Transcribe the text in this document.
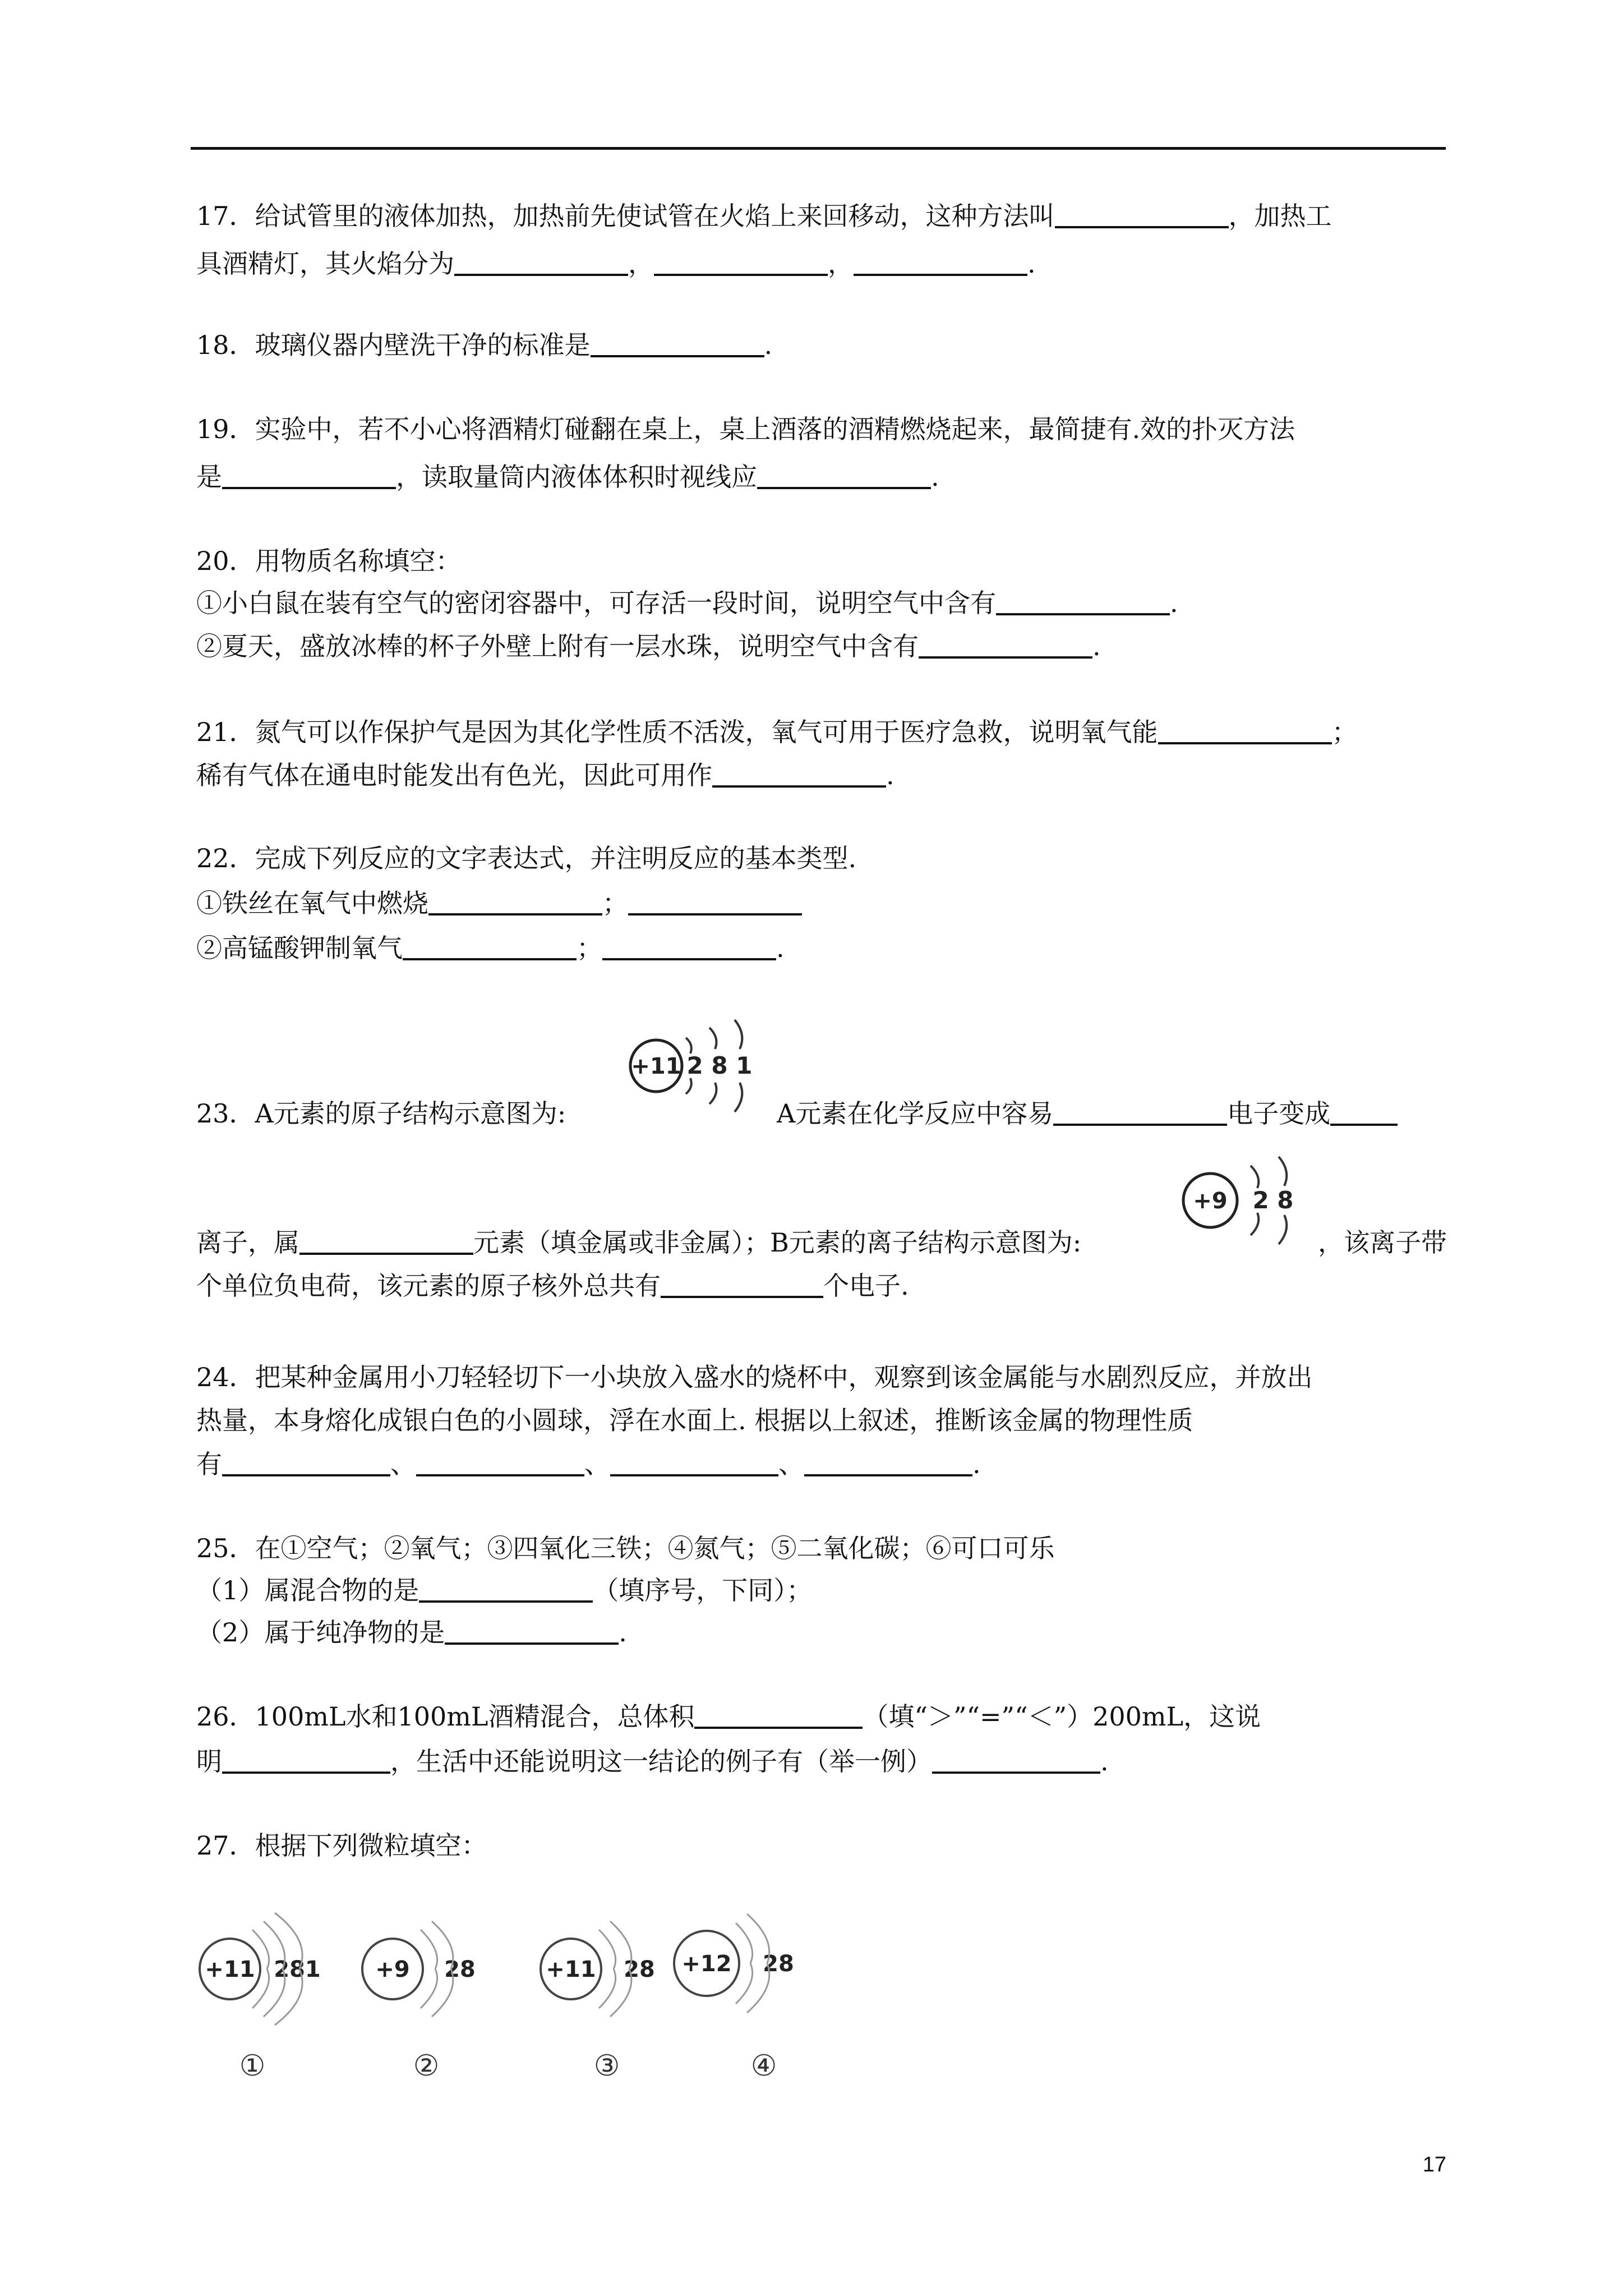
17．给试管里的液体加热，加热前先使试管在火焰上来回移动，这种方法叫	，加热工
具酒精灯，其火焰分为	，	，	.
18．玻璃仪器内壁洗干净的标准是	.
19．实验中，若不小心将酒精灯碰翻在桌上，桌上酒落的酒精燃烧起来，最简捷有.效的扑灭方法
是	，读取量筒内液体体积时视线应	.
20．用物质名称填空：
①小白鼠在装有空气的密闭容器中，可存活一段时间，说明空气中含有	.
②夏天，盛放冰棒的杯子外壁上附有一层水珠，说明空气中含有	.
21．氮气可以作保护气是因为其化学性质不活泼，氧气可用于医疗急救，说明氧气能	；
稀有气体在通电时能发出有色光，因此可用作	.
22．完成下列反应的文字表达式，并注明反应的基本类型.
①铁丝在氧气中燃烧	；
②高锰酸钾制氧气	；	.
23．A元素的原子结构示意图为:
+11 2 8 1
A元素在化学反应中容易	电子变成
离子，属	元素（填金属或非金属）；B元素的离子结构示意图为:
+9 2 8
，该离子带
个单位负电荷，该元素的原子核外总共有	个电子.
24．把某种金属用小刀轻轻切下一小块放入盛水的烧杯中，观察到该金属能与水剧烈反应，并放出
热量，本身熔化成银白色的小圆球，浮在水面上. 根据以上叙述，推断该金属的物理性质
有	、	、	、	.
25．在①空气；②氧气；③四氧化三铁；④氮气；⑤二氧化碳；⑥可口可乐
（1）属混合物的是	（填序号，下同）；
（2）属于纯净物的是	.
26．100mL水和100mL酒精混合，总体积	（填“＞”“=”“＜”）200mL，这说
明	，生活中还能说明这一结论的例子有（举一例）	.
27．根据下列微粒填空：
+11 281
①
+9 28
②
+11 28
③
+12 28
④
17
